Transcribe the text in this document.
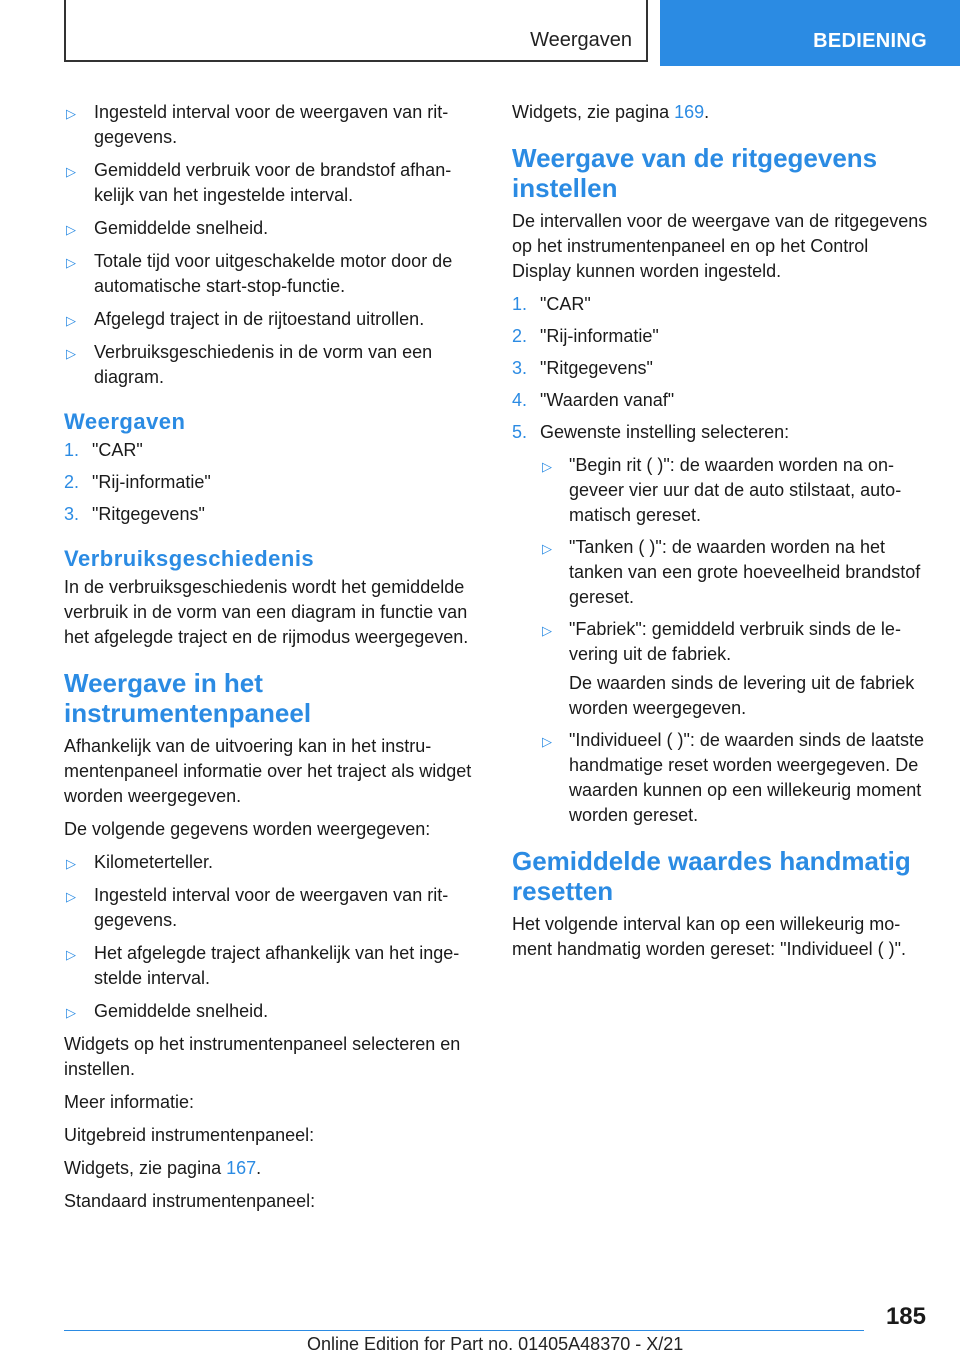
Weergaven	BEDIENING
▷ Ingesteld interval voor de weergaven van ritgegevens.
▷ Gemiddeld verbruik voor de brandstof afhankelijk van het ingestelde interval.
▷ Gemiddelde snelheid.
▷ Totale tijd voor uitgeschakelde motor door de automatische start-stop-functie.
▷ Afgelegd traject in de rijtoestand uitrollen.
▷ Verbruiksgeschiedenis in de vorm van een diagram.
Weergaven
1. "CAR"
2. "Rij-informatie"
3. "Ritgegevens"
Verbruiksgeschiedenis

In de verbruiksgeschiedenis wordt het gemiddelde verbruik in de vorm van een diagram in functie van het afgelegde traject en de rijmodus weergegeven.

Weergave in het instrumentenpaneel

Afhankelijk van de uitvoering kan in het instrumentenpaneel informatie over het traject als widget worden weergegeven.

De volgende gegevens worden weergegeven:

▷ Kilometerteller.
▷ Ingesteld interval voor de weergaven van ritgegevens.
▷ Het afgelegde traject afhankelijk van het ingestelde interval.
▷ Gemiddelde snelheid.

Widgets op het instrumentenpaneel selecteren en instellen.

Meer informatie:

Uitgebreid instrumentenpaneel:

Widgets, zie pagina 167.

Standaard instrumentenpaneel:

Widgets, zie pagina 169.

Weergave van de ritgegevens instellen

De intervallen voor de weergave van de ritgegevens op het instrumentenpaneel en op het Control Display kunnen worden ingesteld.

1. "CAR"
2. "Rij-informatie"
3. "Ritgegevens"
4. "Waarden vanaf"
5. Gewenste instelling selecteren:
▷ "Begin rit ( )": de waarden worden na ongeveer vier uur dat de auto stilstaat, automatisch gereset.
▷ "Tanken ( )": de waarden worden na het tanken van een grote hoeveelheid brandstof gereset.
▷ "Fabriek": gemiddeld verbruik sinds de levering uit de fabriek.

De waarden sinds de levering uit de fabriek worden weergegeven.

▷ "Individueel ( )": de waarden sinds de laatste handmatige reset worden weergegeven. De waarden kunnen op een willekeurig moment worden gereset.
Gemiddelde waardes handmatig resetten

Het volgende interval kan op een willekeurig moment handmatig worden gereset: "Individueel ( )".

185
Online Edition for Part no. 01405A48370 - X/21
